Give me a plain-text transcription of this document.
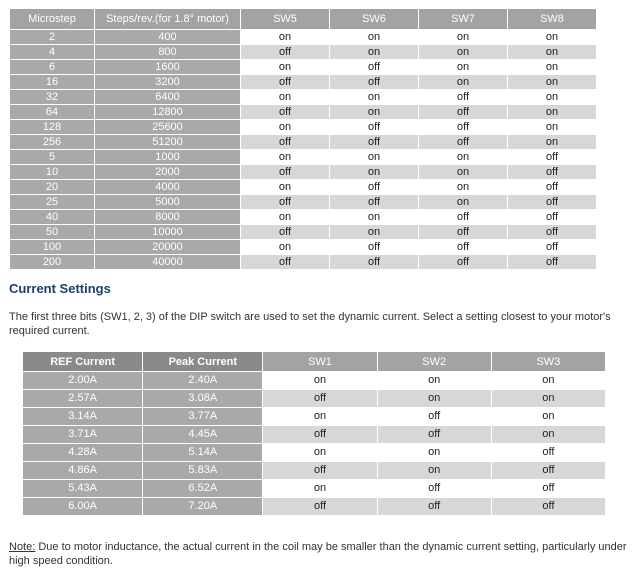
Microstep	Steps/rev.(for 1.8° motor)	SW5	SW6	SW7	SW8
2	400	on	on	on	on
4	800	off	on	on	on
6	1600	on	off	on	on
16	3200	off	off	on	on
32	6400	on	on	off	on
64	12800	off	on	off	on
128	25600	on	off	off	on
256	51200	off	off	off	on
5	1000	on	on	on	off
10	2000	off	on	on	off
20	4000	on	off	on	off
25	5000	off	off	on	off
40	8000	on	on	off	off
50	10000	off	on	off	off
100	20000	on	off	off	off
200	40000	off	off	off	off
Current Settings

The first three bits (SW1, 2, 3) of the DIP switch are used to set the dynamic current. Select a setting closest to your motor's required current.

REF Current	Peak Current	SW1	SW2	SW3
2.00A	2.40A	on	on	on
2.57A	3.08A	off	on	on
3.14A	3.77A	on	off	on
3.71A	4.45A	off	off	on
4.28A	5.14A	on	on	off
4.86A	5.83A	off	on	off
5.43A	6.52A	on	off	off
6.00A	7.20A	off	off	off

Note: Due to motor inductance, the actual current in the coil may be smaller than the dynamic current setting, particularly under high speed condition.
